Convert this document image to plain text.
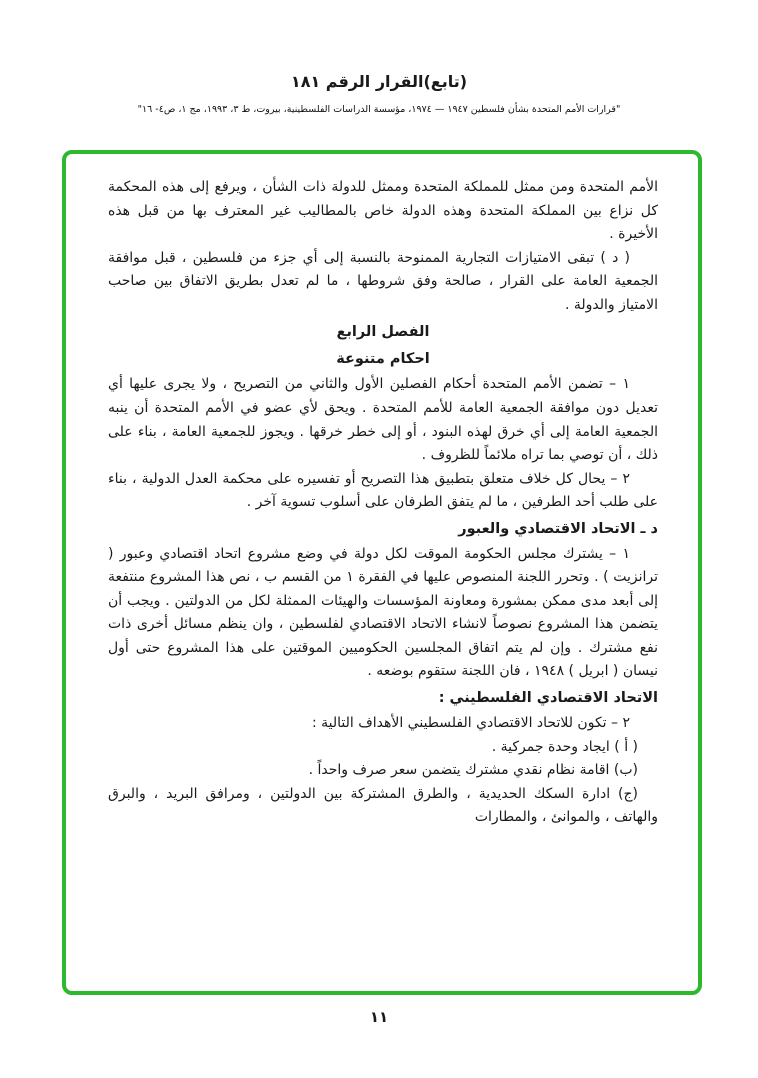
(تابع)القرار الرقم ١٨١
"قرارات الأمم المتحدة بشأن فلسطين ١٩٤٧ — ١٩٧٤، مؤسسة الدراسات الفلسطينية، بيروت، ط ٣، ١٩٩٣، مج ١، ص٤- ١٦"

الأمم المتحدة ومن ممثل للمملكة المتحدة وممثل للدولة ذات الشأن ، ويرفع إلى هذه المحكمة كل نزاع بين المملكة المتحدة وهذه الدولة خاص بالمطاليب غير المعترف بها من قبل هذه الأخيرة .

( د ) تبقى الامتيازات التجارية الممنوحة بالنسبة إلى أي جزء من فلسطين ، قبل موافقة الجمعية العامة على القرار ، صالحة وفق شروطها ، ما لم تعدل بطريق الاتفاق بين صاحب الامتياز والدولة .

الفصل الرابع
احكام متنوعة

١ – تضمن الأمم المتحدة أحكام الفصلين الأول والثاني من التصريح ، ولا يجرى عليها أي تعديل دون موافقة الجمعية العامة للأمم المتحدة . ويحق لأي عضو في الأمم المتحدة أن ينبه الجمعية العامة إلى أي خرق لهذه البنود ، أو إلى خطر خرقها . ويجوز للجمعية العامة ، بناء على ذلك ، أن توصي بما تراه ملائماً للظروف .

٢ – يحال كل خلاف متعلق بتطبيق هذا التصريح أو تفسيره على محكمة العدل الدولية ، بناء على طلب أحد الطرفين ، ما لم يتفق الطرفان على أسلوب تسوية آخر .

د ـ الاتحاد الاقتصادي والعبور

١ – يشترك مجلس الحكومة الموقت لكل دولة في وضع مشروع اتحاد اقتصادي وعبور ( ترانزيت ) . وتحرر اللجنة المنصوص عليها في الفقرة ١ من القسم ب ، نص هذا المشروع منتفعة إلى أبعد مدى ممكن بمشورة ومعاونة المؤسسات والهيئات الممثلة لكل من الدولتين . ويجب أن يتضمن هذا المشروع نصوصاً لانشاء الاتحاد الاقتصادي لفلسطين ، وان ينظم مسائل أخرى ذات نفع مشترك . وإن لم يتم اتفاق المجلسين الحكوميين الموقتين على هذا المشروع حتى أول نيسان ( ابريل ) ١٩٤٨ ، فان اللجنة ستقوم بوضعه .

الاتحاد الاقتصادي الفلسطيني :

٢ – تكون للاتحاد الاقتصادي الفلسطيني الأهداف التالية :

( أ ) ايجاد وحدة جمركية .

(ب) اقامة نظام نقدي مشترك يتضمن سعر صرف واحداً .

(ج) ادارة السكك الحديدية ، والطرق المشتركة بين الدولتين ، ومرافق البريد ، والبرق والهاتف ، والموانئ ، والمطارات

١١
